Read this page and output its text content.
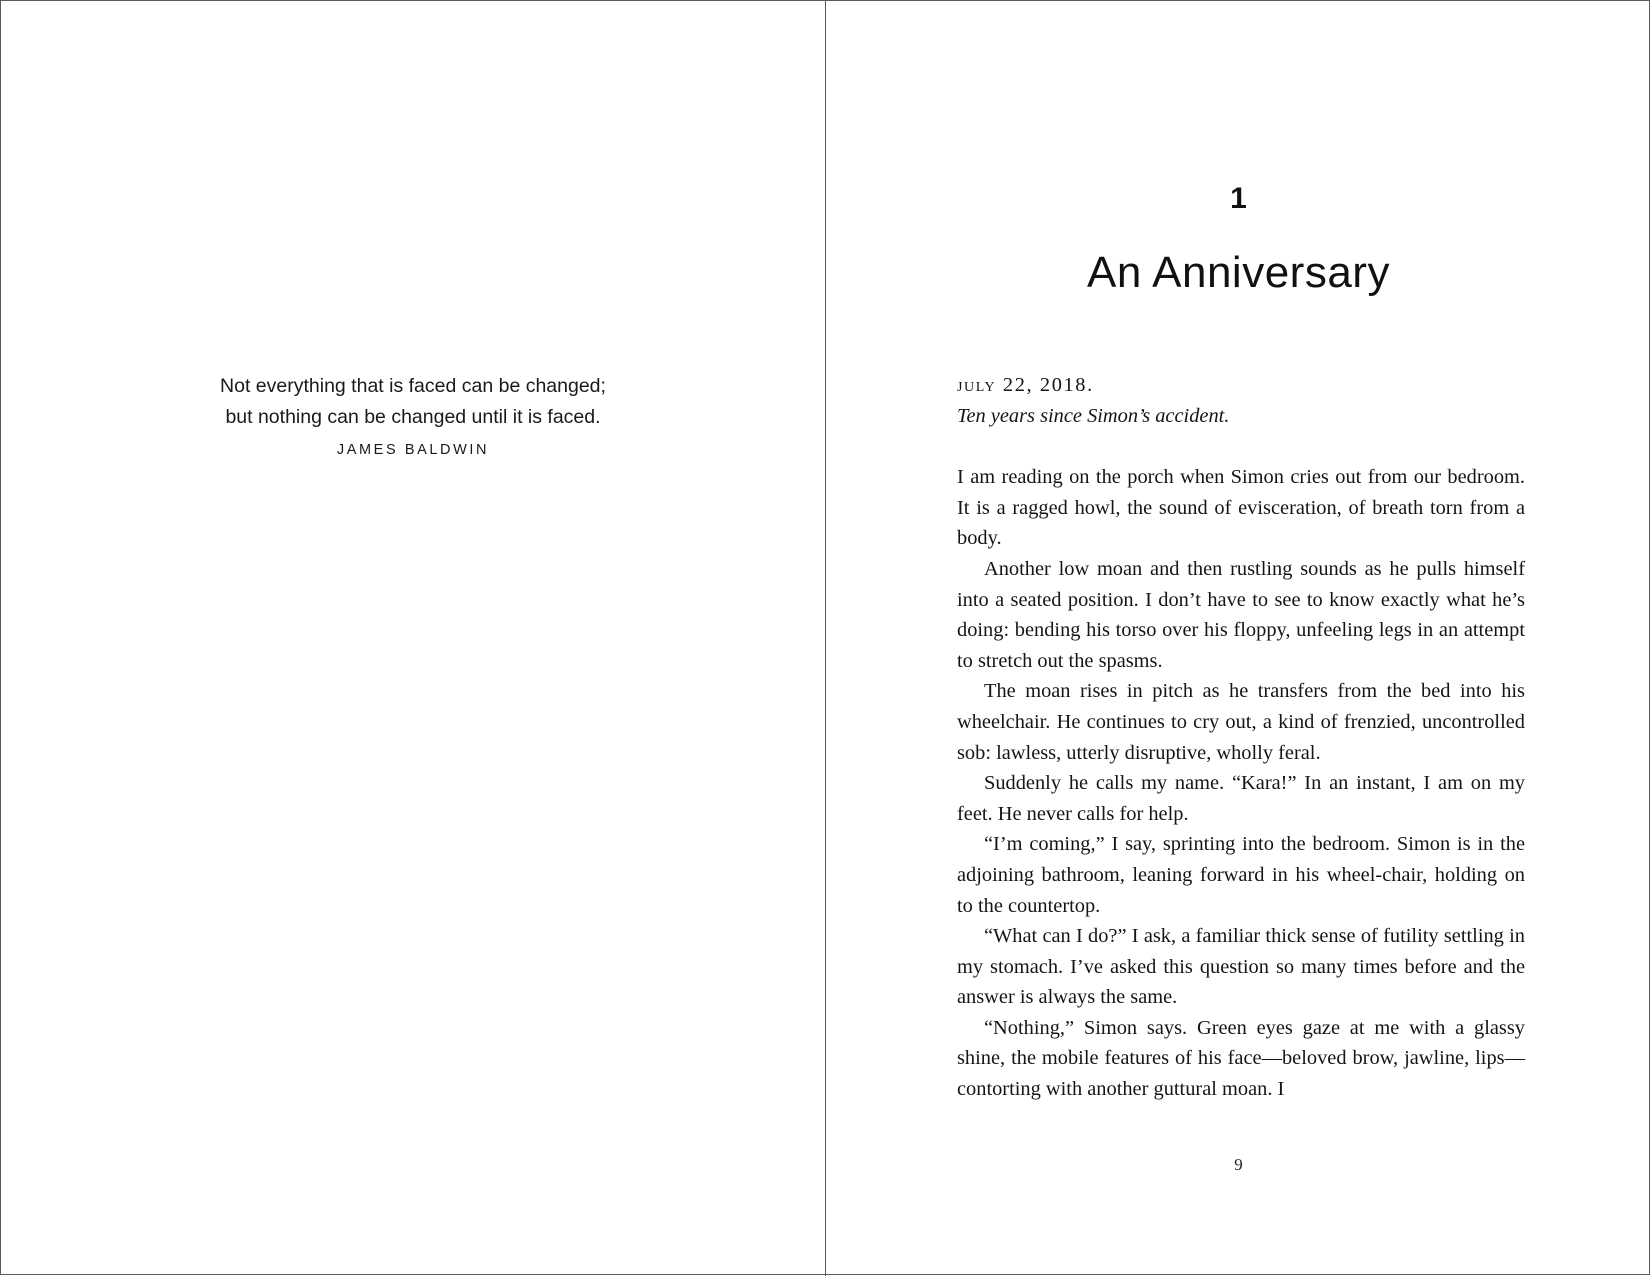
Not everything that is faced can be changed;
but nothing can be changed until it is faced.
JAMES BALDWIN
1
An Anniversary
july 22, 2018.
Ten years since Simon’s accident.

I am reading on the porch when Simon cries out from our bedroom. It is a ragged howl, the sound of evisceration, of breath torn from a body.

Another low moan and then rustling sounds as he pulls himself into a seated position. I don’t have to see to know exactly what he’s doing: bending his torso over his floppy, unfeeling legs in an attempt to stretch out the spasms.

The moan rises in pitch as he transfers from the bed into his wheelchair. He continues to cry out, a kind of frenzied, uncontrolled sob: lawless, utterly disruptive, wholly feral.

Suddenly he calls my name. “Kara!” In an instant, I am on my feet. He never calls for help.

“I’m coming,” I say, sprinting into the bedroom. Simon is in the adjoining bathroom, leaning forward in his wheel-chair, holding on to the countertop.

“What can I do?” I ask, a familiar thick sense of futility settling in my stomach. I’ve asked this question so many times before and the answer is always the same.

“Nothing,” Simon says. Green eyes gaze at me with a glassy shine, the mobile features of his face—beloved brow, jawline, lips—contorting with another guttural moan. I

9
